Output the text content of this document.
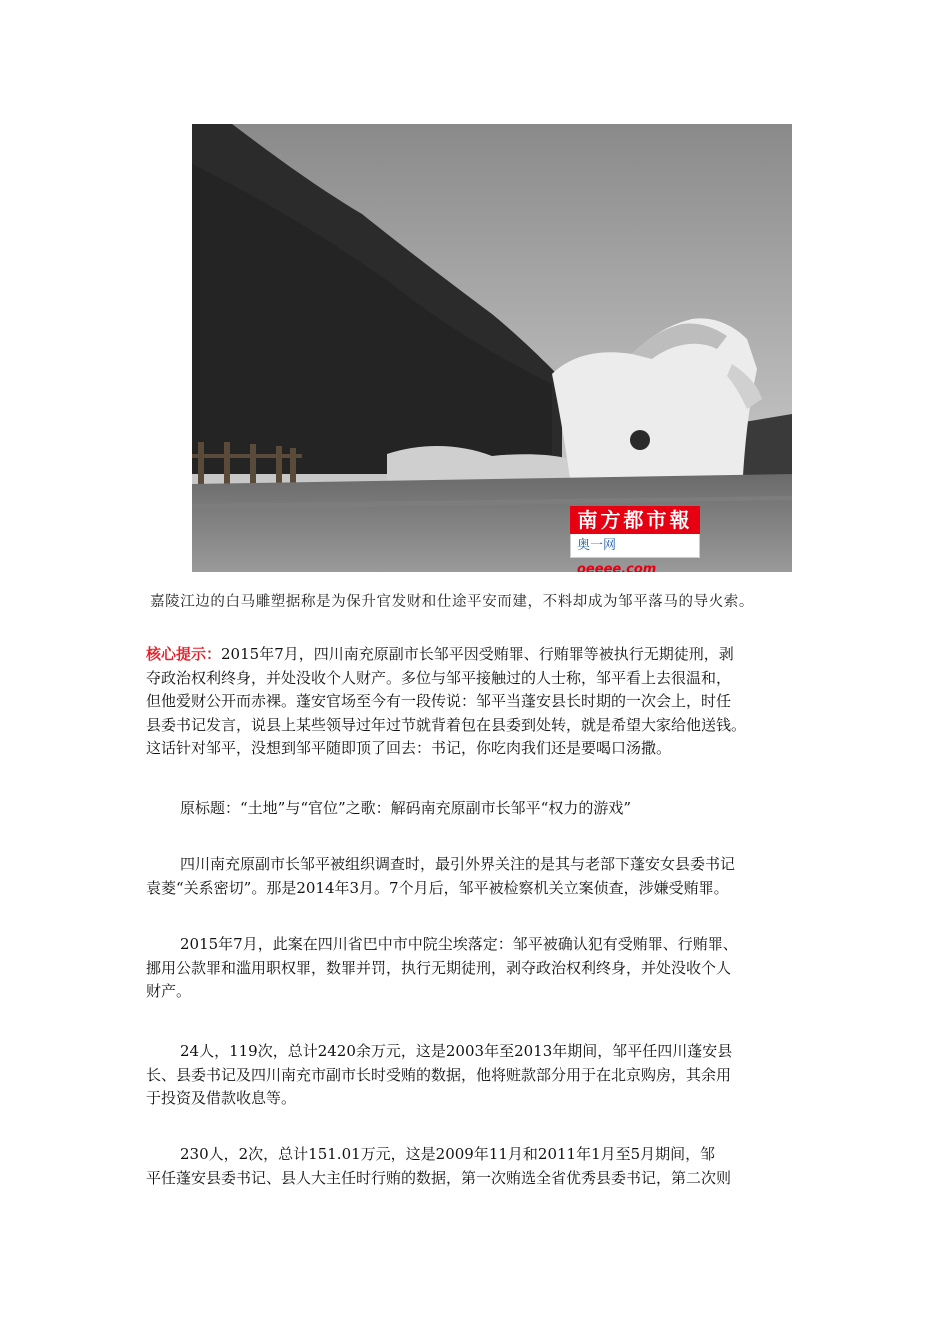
南方都市報
奥一网 oeeee.com
嘉陵江边的白马雕塑据称是为保升官发财和仕途平安而建，不料却成为邹平落马的导火索。
核心提示：2015年7月，四川南充原副市长邹平因受贿罪、行贿罪等被执行无期徒刑，剥
夺政治权利终身，并处没收个人财产。多位与邹平接触过的人士称，邹平看上去很温和，
但他爱财公开而赤裸。蓬安官场至今有一段传说：邹平当蓬安县长时期的一次会上，时任
县委书记发言，说县上某些领导过年过节就背着包在县委到处转，就是希望大家给他送钱。
这话针对邹平，没想到邹平随即顶了回去：书记，你吃肉我们还是要喝口汤撒。
原标题：“土地”与“官位”之歌：解码南充原副市长邹平“权力的游戏”
四川南充原副市长邹平被组织调查时，最引外界关注的是其与老部下蓬安女县委书记
袁菱“关系密切”。那是2014年3月。7个月后，邹平被检察机关立案侦查，涉嫌受贿罪。
2015年7月，此案在四川省巴中市中院尘埃落定：邹平被确认犯有受贿罪、行贿罪、
挪用公款罪和滥用职权罪，数罪并罚，执行无期徒刑，剥夺政治权利终身，并处没收个人
财产。
24人，119次，总计2420余万元，这是2003年至2013年期间，邹平任四川蓬安县
长、县委书记及四川南充市副市长时受贿的数据，他将赃款部分用于在北京购房，其余用
于投资及借款收息等。
230人，2次，总计151.01万元，这是2009年11月和2011年1月至5月期间，邹
平任蓬安县委书记、县人大主任时行贿的数据，第一次贿选全省优秀县委书记，第二次则
